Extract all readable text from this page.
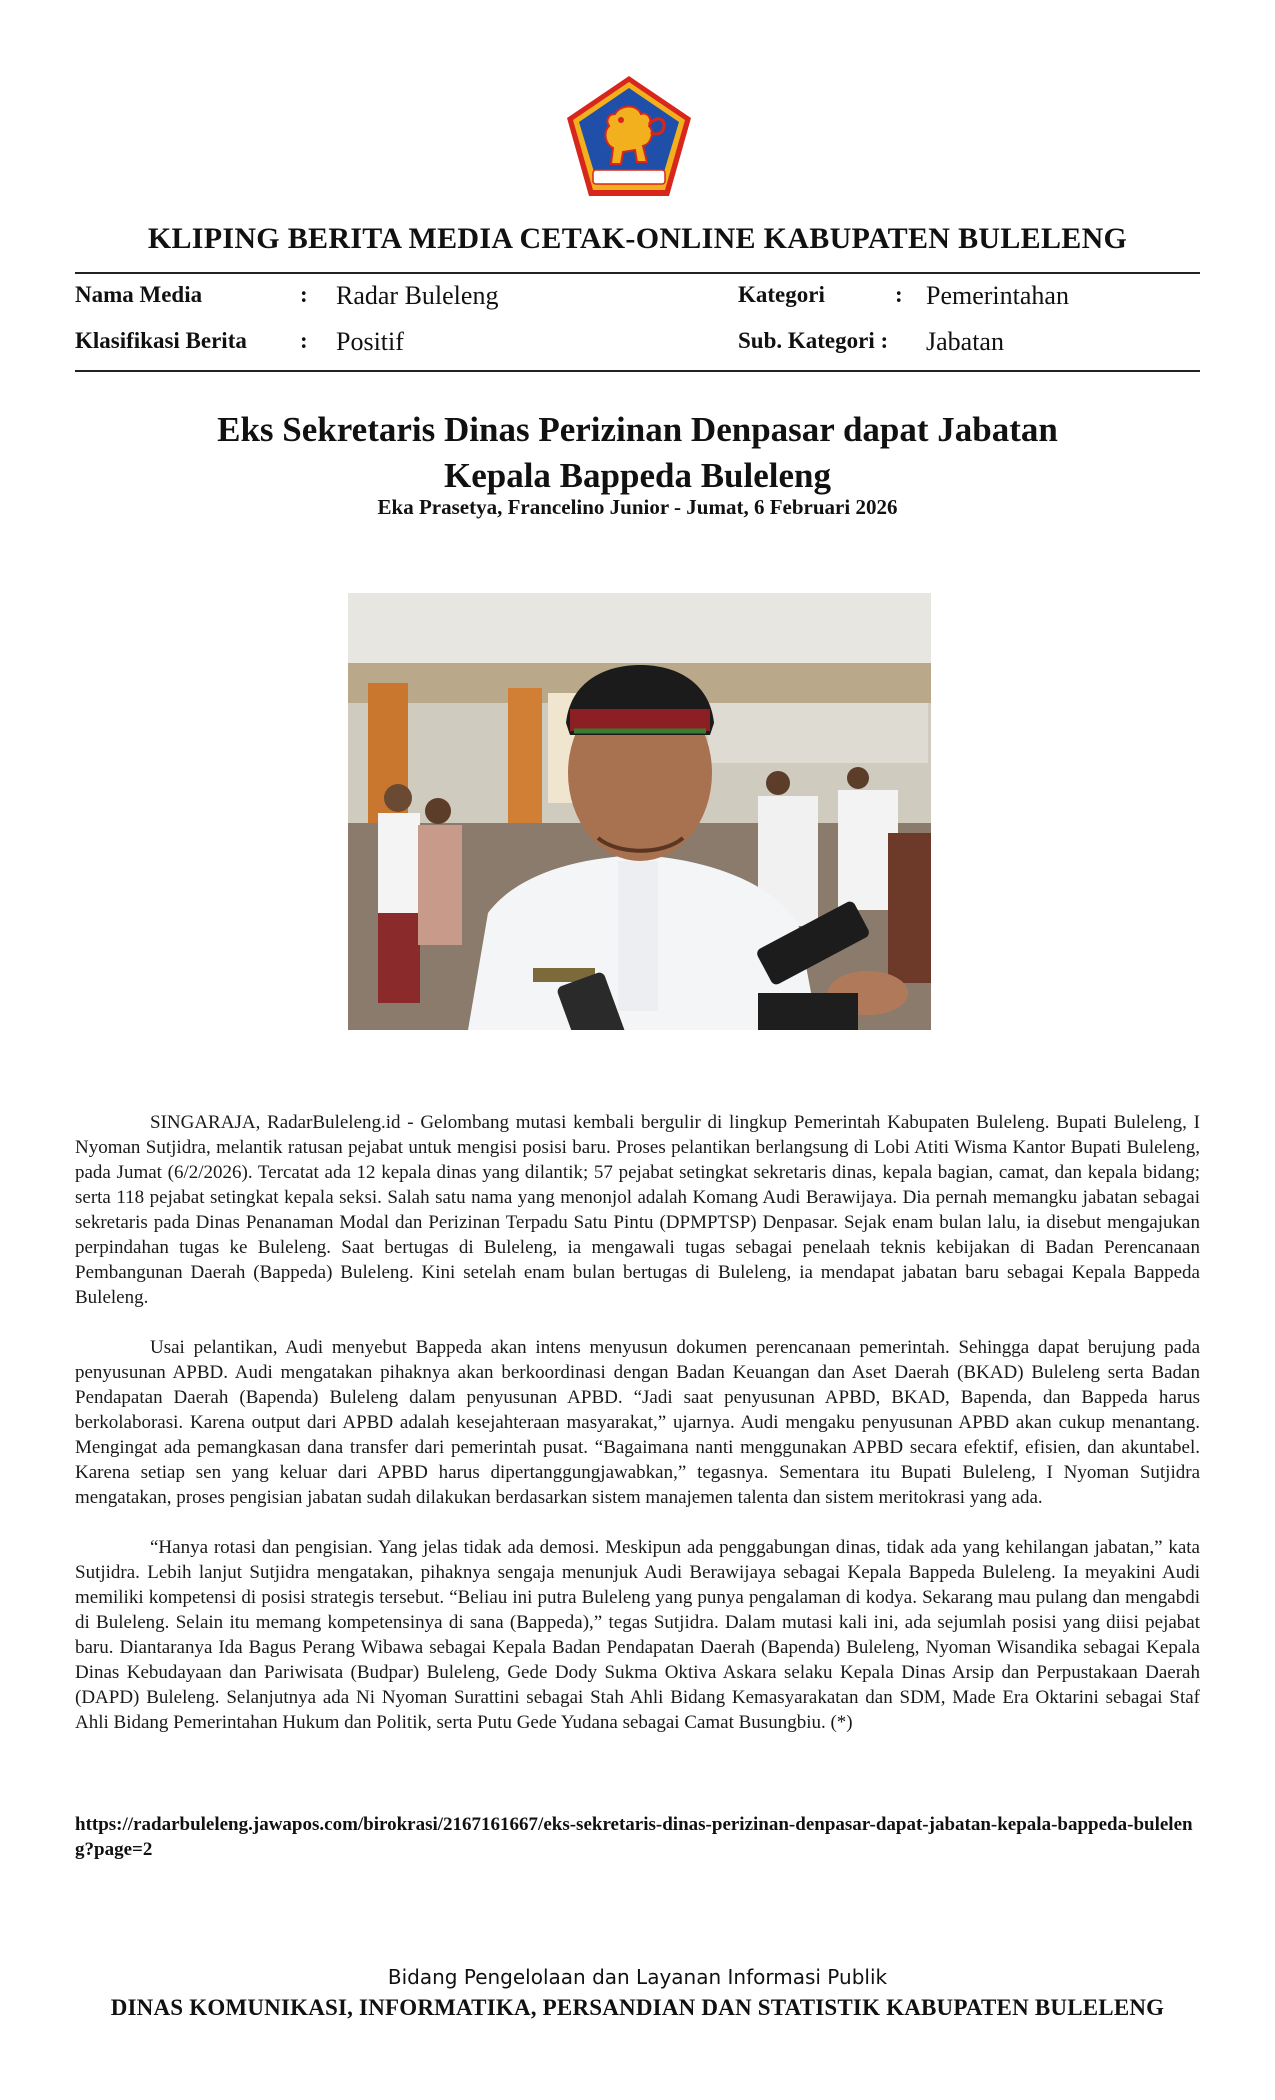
KLIPING BERITA MEDIA CETAK-ONLINE KABUPATEN BULELENG
Nama Media	: Radar Buleleng	Kategori	: Pemerintahan
Klasifikasi Berita : Positif	Sub. Kategori : Jabatan
Eks Sekretaris Dinas Perizinan Denpasar dapat Jabatan
Kepala Bappeda Buleleng
Eka Prasetya, Francelino Junior - Jumat, 6 Februari 2026

SINGARAJA, RadarBuleleng.id - Gelombang mutasi kembali bergulir di lingkup Pemerintah Kabupaten Buleleng. Bupati Buleleng, I Nyoman Sutjidra, melantik ratusan pejabat untuk mengisi posisi baru. Proses pelantikan berlangsung di Lobi Atiti Wisma Kantor Bupati Buleleng, pada Jumat (6/2/2026). Tercatat ada 12 kepala dinas yang dilantik; 57 pejabat setingkat sekretaris dinas, kepala bagian, camat, dan kepala bidang; serta 118 pejabat setingkat kepala seksi. Salah satu nama yang menonjol adalah Komang Audi Berawijaya. Dia pernah memangku jabatan sebagai sekretaris pada Dinas Penanaman Modal dan Perizinan Terpadu Satu Pintu (DPMPTSP) Denpasar. Sejak enam bulan lalu, ia disebut mengajukan perpindahan tugas ke Buleleng. Saat bertugas di Buleleng, ia mengawali tugas sebagai penelaah teknis kebijakan di Badan Perencanaan Pembangunan Daerah (Bappeda) Buleleng. Kini setelah enam bulan bertugas di Buleleng, ia mendapat jabatan baru sebagai Kepala Bappeda Buleleng.

Usai pelantikan, Audi menyebut Bappeda akan intens menyusun dokumen perencanaan pemerintah. Sehingga dapat berujung pada penyusunan APBD. Audi mengatakan pihaknya akan berkoordinasi dengan Badan Keuangan dan Aset Daerah (BKAD) Buleleng serta Badan Pendapatan Daerah (Bapenda) Buleleng dalam penyusunan APBD. “Jadi saat penyusunan APBD, BKAD, Bapenda, dan Bappeda harus berkolaborasi. Karena output dari APBD adalah kesejahteraan masyarakat,” ujarnya. Audi mengaku penyusunan APBD akan cukup menantang. Mengingat ada pemangkasan dana transfer dari pemerintah pusat. “Bagaimana nanti menggunakan APBD secara efektif, efisien, dan akuntabel. Karena setiap sen yang keluar dari APBD harus dipertanggungjawabkan,” tegasnya. Sementara itu Bupati Buleleng, I Nyoman Sutjidra mengatakan, proses pengisian jabatan sudah dilakukan berdasarkan sistem manajemen talenta dan sistem meritokrasi yang ada.

“Hanya rotasi dan pengisian. Yang jelas tidak ada demosi. Meskipun ada penggabungan dinas, tidak ada yang kehilangan jabatan,” kata Sutjidra. Lebih lanjut Sutjidra mengatakan, pihaknya sengaja menunjuk Audi Berawijaya sebagai Kepala Bappeda Buleleng. Ia meyakini Audi memiliki kompetensi di posisi strategis tersebut. “Beliau ini putra Buleleng yang punya pengalaman di kodya. Sekarang mau pulang dan mengabdi di Buleleng. Selain itu memang kompetensinya di sana (Bappeda),” tegas Sutjidra. Dalam mutasi kali ini, ada sejumlah posisi yang diisi pejabat baru. Diantaranya Ida Bagus Perang Wibawa sebagai Kepala Badan Pendapatan Daerah (Bapenda) Buleleng, Nyoman Wisandika sebagai Kepala Dinas Kebudayaan dan Pariwisata (Budpar) Buleleng, Gede Dody Sukma Oktiva Askara selaku Kepala Dinas Arsip dan Perpustakaan Daerah (DAPD) Buleleng. Selanjutnya ada Ni Nyoman Surattini sebagai Stah Ahli Bidang Kemasyarakatan dan SDM, Made Era Oktarini sebagai Staf Ahli Bidang Pemerintahan Hukum dan Politik, serta Putu Gede Yudana sebagai Camat Busungbiu. (*)

https://radarbuleleng.jawapos.com/birokrasi/2167161667/eks-sekretaris-dinas-perizinan-denpasar-dapat-jabatan-kepala-bappeda-buleleng?page=2
Bidang Pengelolaan dan Layanan Informasi Publik
DINAS KOMUNIKASI, INFORMATIKA, PERSANDIAN DAN STATISTIK KABUPATEN BULELENG
